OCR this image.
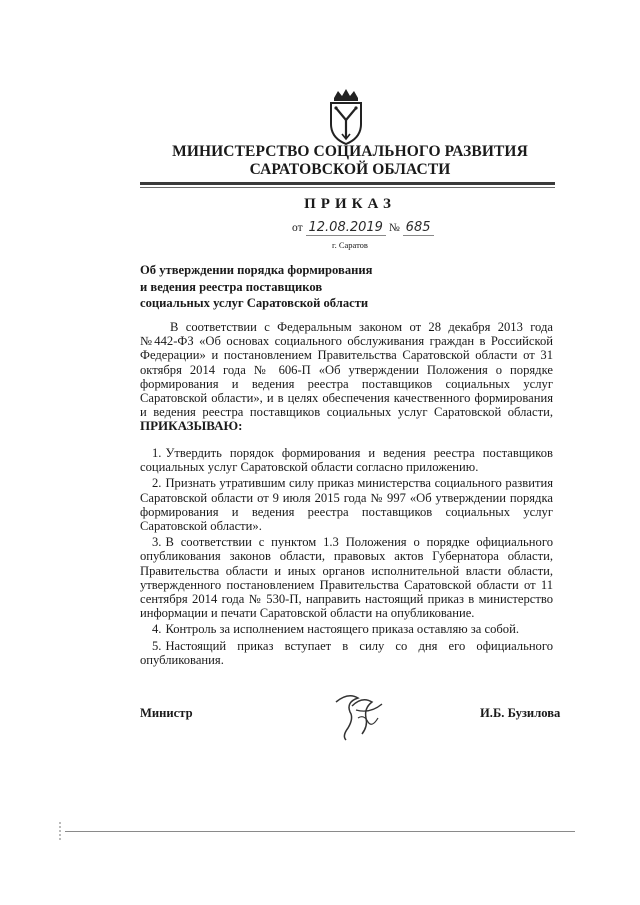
МИНИСТЕРСТВО СОЦИАЛЬНОГО РАЗВИТИЯ
САРАТОВСКОЙ ОБЛАСТИ
ПРИКАЗ
от 12.08.2019 № 685
г. Саратов
Об утверждении порядка формирования
и ведения реестра поставщиков
социальных услуг Саратовской области
В соответствии с Федеральным законом от 28 декабря 2013 года №442-ФЗ «Об основах социального обслуживания граждан в Российской Федерации» и постановлением Правительства Саратовской области от 31 октября 2014 года № 606-П «Об утверждении Положения о порядке формирования и ведения реестра поставщиков социальных услуг Саратовской области», и в целях обеспечения качественного формирования и ведения реестра поставщиков социальных услуг Саратовской области, ПРИКАЗЫВАЮ:

1. Утвердить порядок формирования и ведения реестра поставщиков социальных услуг Саратовской области согласно приложению.

2. Признать утратившим силу приказ министерства социального развития Саратовской области от 9 июля 2015 года № 997 «Об утверждении порядка формирования и ведения реестра поставщиков социальных услуг Саратовской области».

3. В соответствии с пунктом 1.3 Положения о порядке официального опубликования законов области, правовых актов Губернатора области, Правительства области и иных органов исполнительной власти области, утвержденного постановлением Правительства Саратовской области от 11 сентября 2014 года № 530-П, направить настоящий приказ в министерство информации и печати Саратовской области на опубликование.

4. Контроль за исполнением настоящего приказа оставляю за собой.

5. Настоящий приказ вступает в силу со дня его официального опубликования.

Министр	И.Б. Бузилова
